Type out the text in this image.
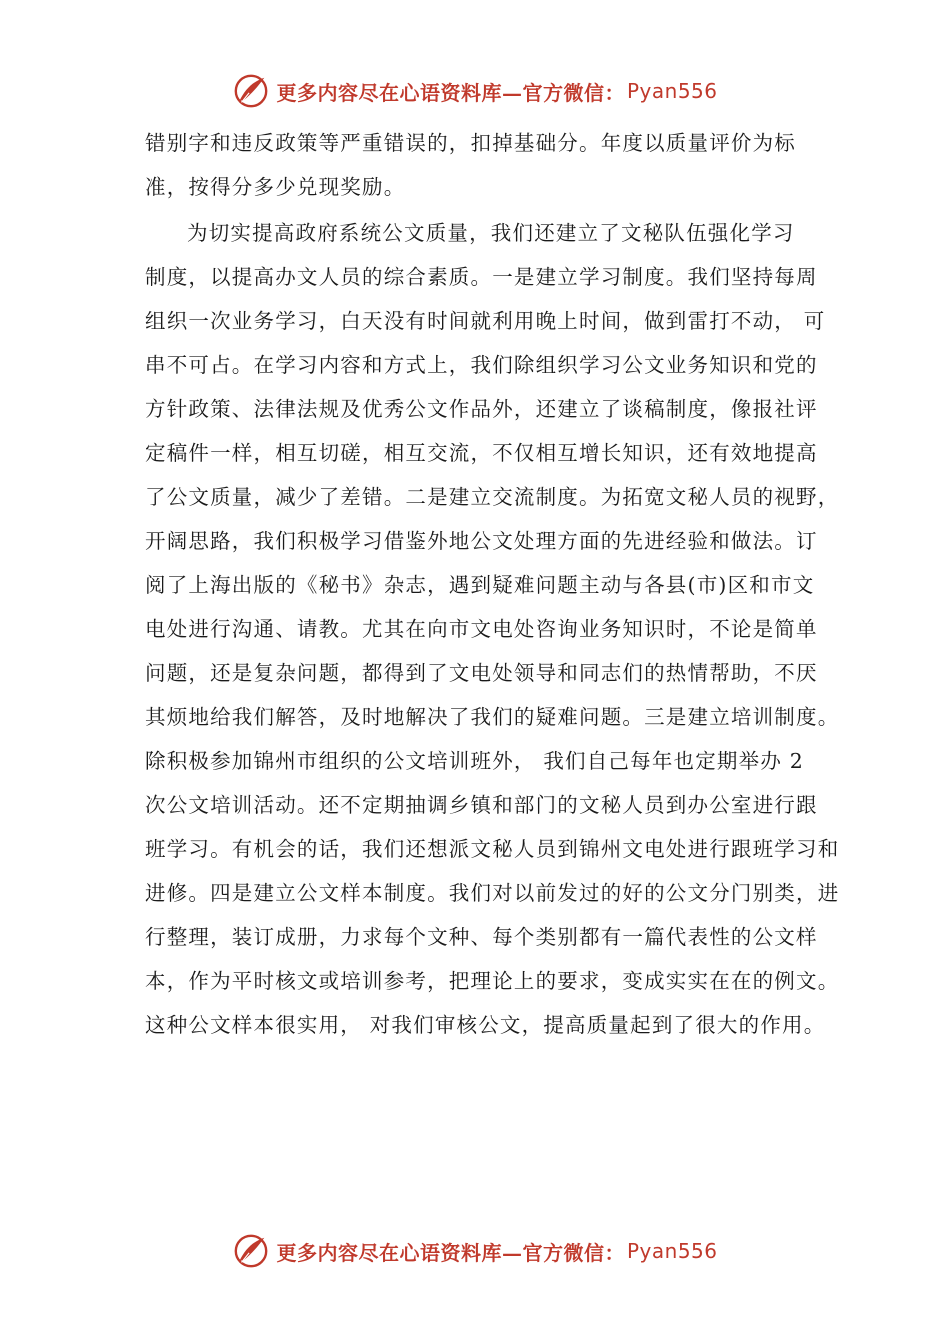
更多内容尽在心语资料库—官方微信： Pyan556
错别字和违反政策等严重错误的，扣掉基础分。年度以质量评价为标
准，按得分多少兑现奖励。
为切实提高政府系统公文质量，我们还建立了文秘队伍强化学习
制度，以提高办文人员的综合素质。一是建立学习制度。我们坚持每周
组织一次业务学习，白天没有时间就利用晚上时间，做到雷打不动， 可
串不可占。在学习内容和方式上，我们除组织学习公文业务知识和党的
方针政策、法律法规及优秀公文作品外，还建立了谈稿制度，像报社评
定稿件一样，相互切磋，相互交流，不仅相互增长知识，还有效地提高
了公文质量，减少了差错。二是建立交流制度。为拓宽文秘人员的视野，
开阔思路，我们积极学习借鉴外地公文处理方面的先进经验和做法。订
阅了上海出版的《秘书》杂志，遇到疑难问题主动与各县(市)区和市文
电处进行沟通、请教。尤其在向市文电处咨询业务知识时，不论是简单
问题，还是复杂问题，都得到了文电处领导和同志们的热情帮助，不厌
其烦地给我们解答，及时地解决了我们的疑难问题。三是建立培训制度。
除积极参加锦州市组织的公文培训班外， 我们自己每年也定期举办 2
次公文培训活动。还不定期抽调乡镇和部门的文秘人员到办公室进行跟
班学习。有机会的话，我们还想派文秘人员到锦州文电处进行跟班学习和
进修。四是建立公文样本制度。我们对以前发过的好的公文分门别类，进
行整理，装订成册，力求每个文种、每个类别都有一篇代表性的公文样
本，作为平时核文或培训参考，把理论上的要求，变成实实在在的例文。
这种公文样本很实用， 对我们审核公文，提高质量起到了很大的作用。
更多内容尽在心语资料库—官方微信： Pyan556
